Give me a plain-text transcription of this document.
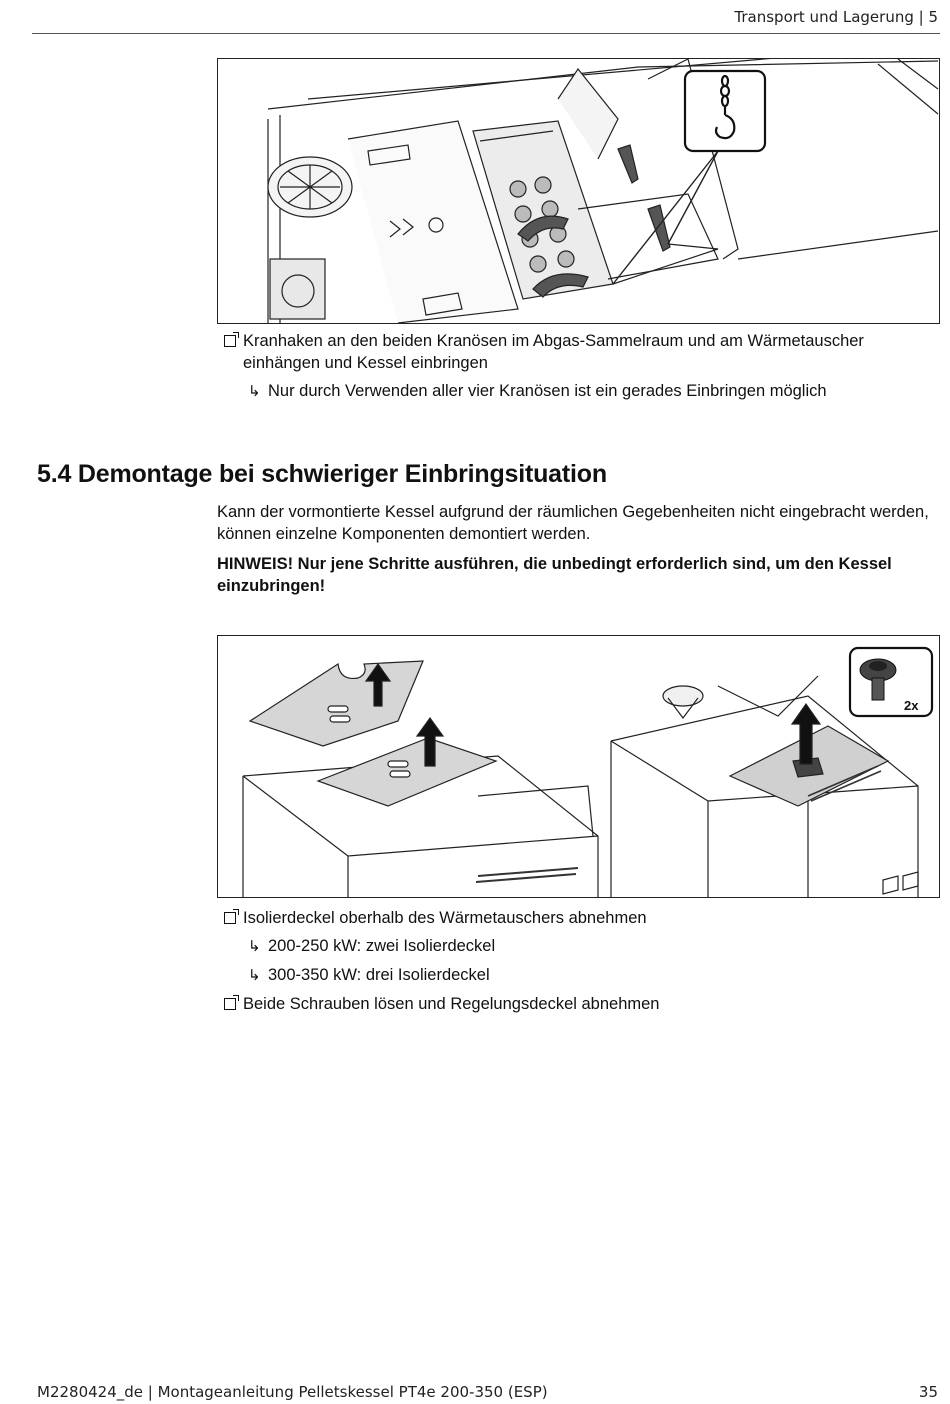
Transport und Lagerung | 5
Kranhaken an den beiden Kranösen im Abgas-Sammelraum und am Wärmetauscher einhängen und Kessel einbringen
↳ Nur durch Verwenden aller vier Kranösen ist ein gerades Einbringen möglich
5.4 Demontage bei schwieriger Einbringsituation
Kann der vormontierte Kessel aufgrund der räumlichen Gegebenheiten nicht eingebracht werden, können einzelne Komponenten demontiert werden.
HINWEIS! Nur jene Schritte ausführen, die unbedingt erforderlich sind, um den Kessel einzubringen!
2x
Isolierdeckel oberhalb des Wärmetauschers abnehmen
↳ 200-250 kW: zwei Isolierdeckel
↳ 300-350 kW: drei Isolierdeckel
Beide Schrauben lösen und Regelungsdeckel abnehmen
M2280424_de | Montageanleitung Pelletskessel PT4e 200-350 (ESP)	35
